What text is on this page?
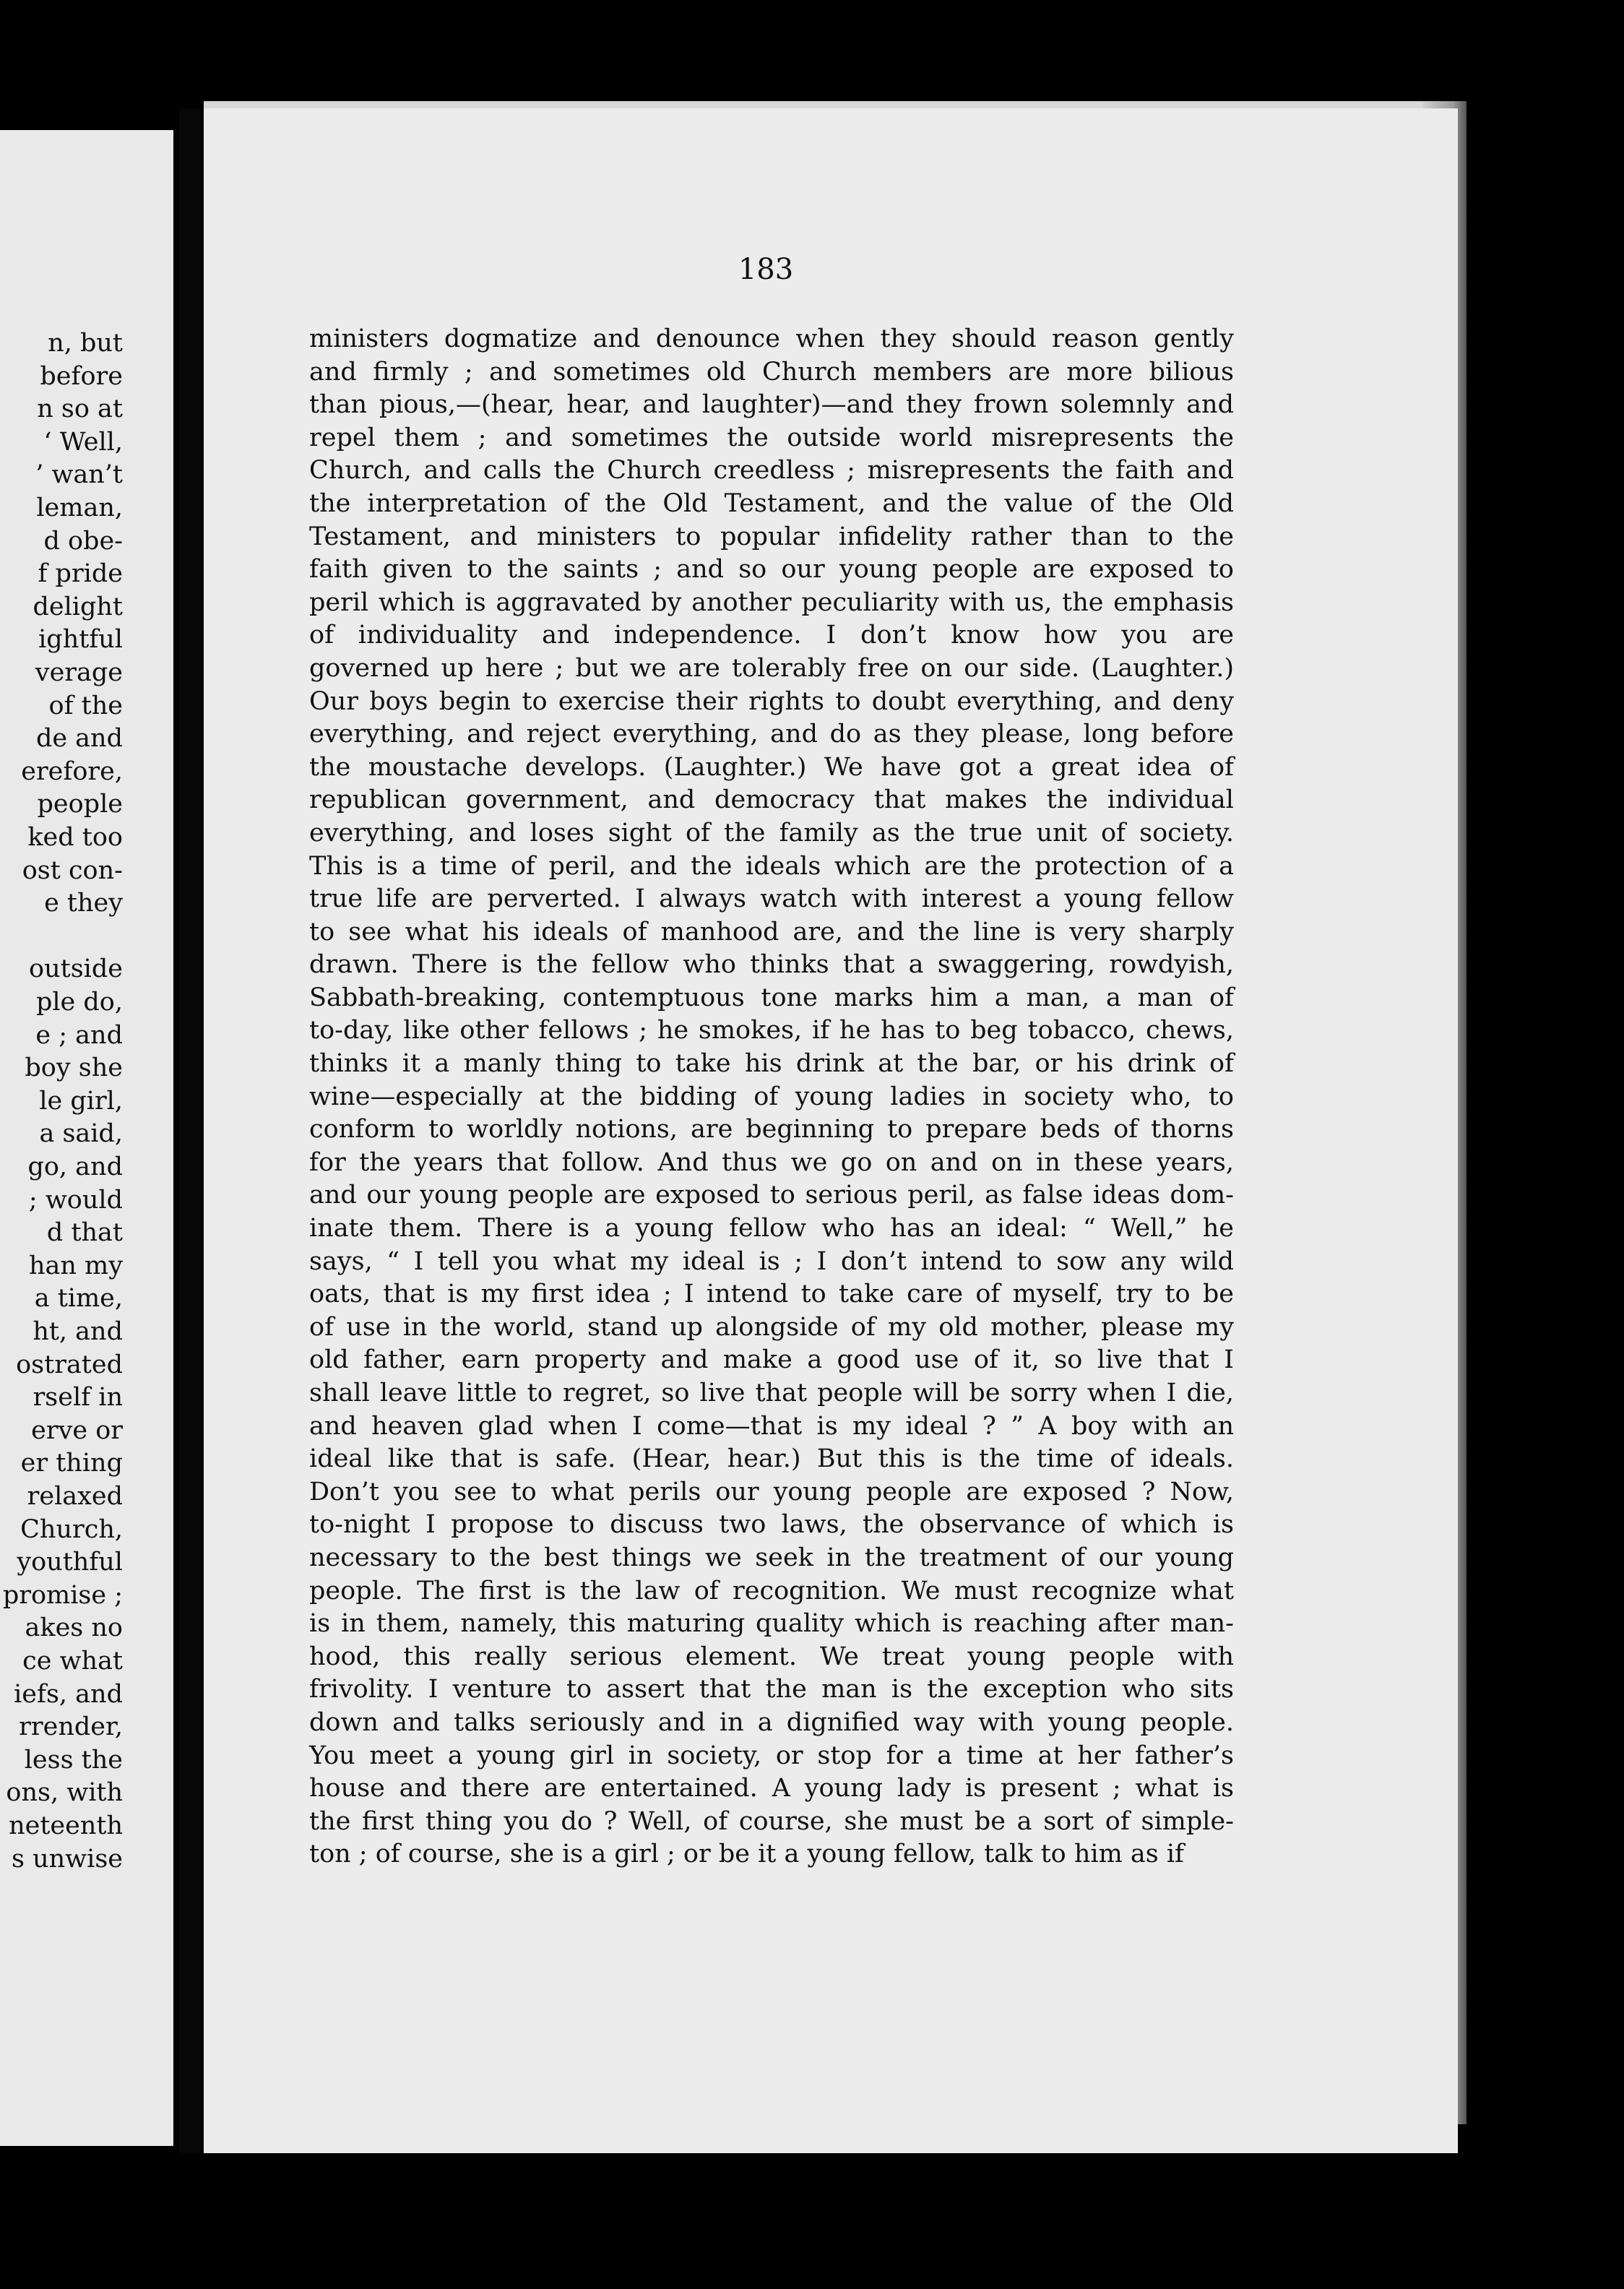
n, but
before
n so at
‘ Well,
’ wan’t
leman,
d obe-
f pride
delight
ightful
verage
of the
de and
erefore,
people
ked too
ost con-
e they
outside
ple do,
e ; and
boy she
le girl,
a said,
go, and
; would
d that
han my
a time,
ht, and
ostrated
rself in
erve or
er thing
relaxed
Church,
youthful
promise ;
akes no
ce what
iefs, and
rrender,
less the
ons, with
neteenth
s unwise
183
ministers dogmatize and denounce when they should reason gently
and firmly ; and sometimes old Church members are more bilious
than pious,—(hear, hear, and laughter)—and they frown solemnly and
repel them ; and sometimes the outside world misrepresents the
Church, and calls the Church creedless ; misrepresents the faith and
the interpretation of the Old Testament, and the value of the Old
Testament, and ministers to popular infidelity rather than to the
faith given to the saints ; and so our young people are exposed to
peril which is aggravated by another peculiarity with us, the emphasis
of individuality and independence. I don’t know how you are
governed up here ; but we are tolerably free on our side. (Laughter.)
Our boys begin to exercise their rights to doubt everything, and deny
everything, and reject everything, and do as they please, long before
the moustache develops. (Laughter.) We have got a great idea of
republican government, and democracy that makes the individual
everything, and loses sight of the family as the true unit of society.
This is a time of peril, and the ideals which are the protection of a
true life are perverted. I always watch with interest a young fellow
to see what his ideals of manhood are, and the line is very sharply
drawn. There is the fellow who thinks that a swaggering, rowdyish,
Sabbath-breaking, contemptuous tone marks him a man, a man of
to-day, like other fellows ; he smokes, if he has to beg tobacco, chews,
thinks it a manly thing to take his drink at the bar, or his drink of
wine—especially at the bidding of young ladies in society who, to
conform to worldly notions, are beginning to prepare beds of thorns
for the years that follow. And thus we go on and on in these years,
and our young people are exposed to serious peril, as false ideas dom-
inate them. There is a young fellow who has an ideal: “ Well,” he
says, “ I tell you what my ideal is ; I don’t intend to sow any wild
oats, that is my first idea ; I intend to take care of myself, try to be
of use in the world, stand up alongside of my old mother, please my
old father, earn property and make a good use of it, so live that I
shall leave little to regret, so live that people will be sorry when I die,
and heaven glad when I come—that is my ideal ? ” A boy with an
ideal like that is safe. (Hear, hear.) But this is the time of ideals.
Don’t you see to what perils our young people are exposed ? Now,
to-night I propose to discuss two laws, the observance of which is
necessary to the best things we seek in the treatment of our young
people. The first is the law of recognition. We must recognize what
is in them, namely, this maturing quality which is reaching after man-
hood, this really serious element. We treat young people with
frivolity. I venture to assert that the man is the exception who sits
down and talks seriously and in a dignified way with young people.
You meet a young girl in society, or stop for a time at her father’s
house and there are entertained. A young lady is present ; what is
the first thing you do ? Well, of course, she must be a sort of simple-
ton ; of course, she is a girl ; or be it a young fellow, talk to him as if
